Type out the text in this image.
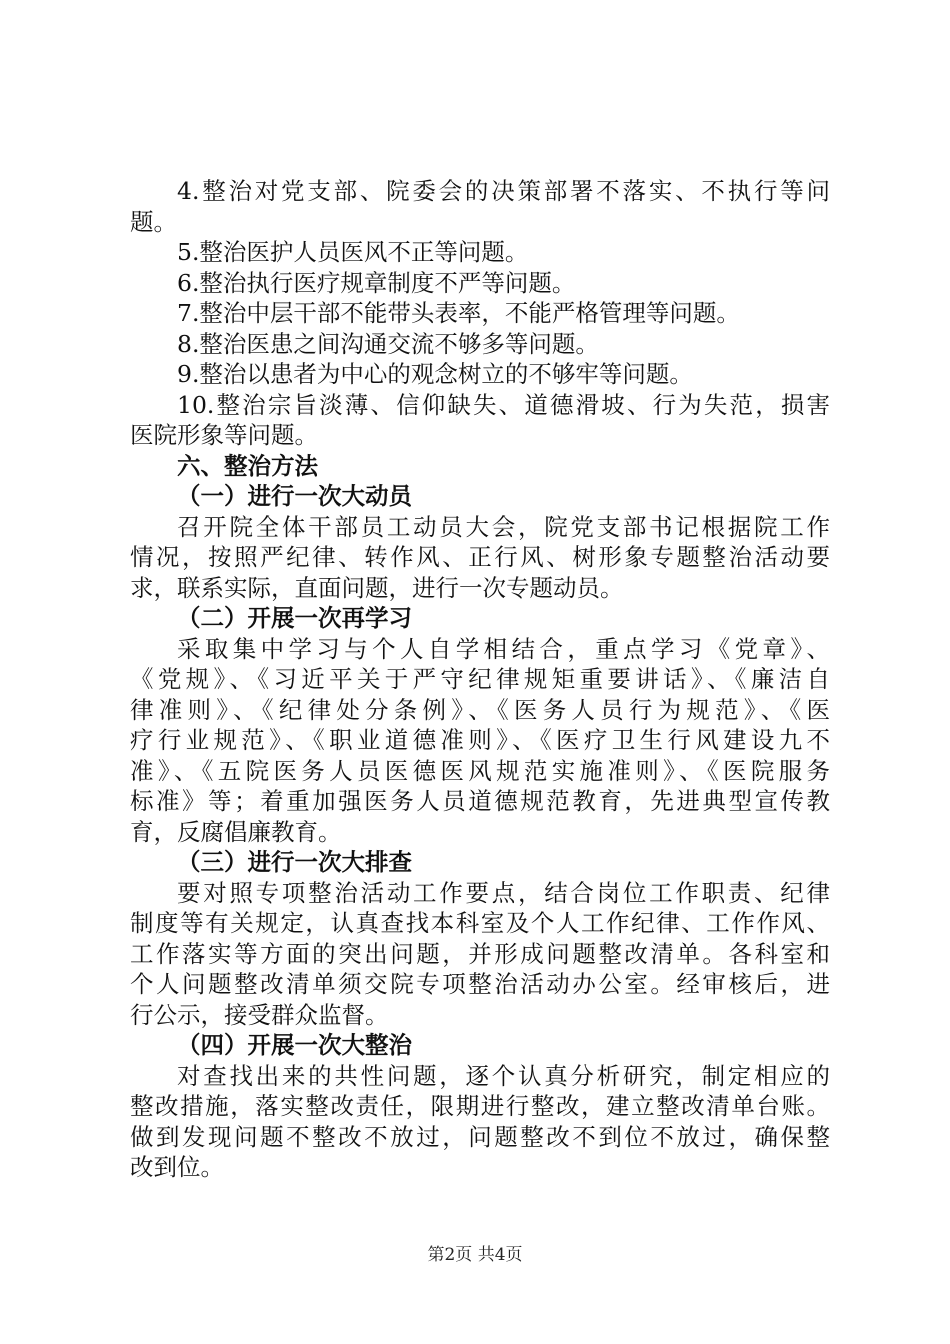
4.整治对党支部、院委会的决策部署不落实、不执行等问
题。
5.整治医护人员医风不正等问题。
6.整治执行医疗规章制度不严等问题。
7.整治中层干部不能带头表率，不能严格管理等问题。
8.整治医患之间沟通交流不够多等问题。
9.整治以患者为中心的观念树立的不够牢等问题。
10.整治宗旨淡薄、信仰缺失、道德滑坡、行为失范，损害
医院形象等问题。
六、整治方法
（一）进行一次大动员
召开院全体干部员工动员大会，院党支部书记根据院工作
情况，按照严纪律、转作风、正行风、树形象专题整治活动要
求，联系实际，直面问题，进行一次专题动员。
（二）开展一次再学习
采取集中学习与个人自学相结合，重点学习《党章》、
《党规》、《习近平关于严守纪律规矩重要讲话》、《廉洁自
律准则》、《纪律处分条例》、《医务人员行为规范》、《医
疗行业规范》、《职业道德准则》、《医疗卫生行风建设九不
准》、《五院医务人员医德医风规范实施准则》、《医院服务
标准》等；着重加强医务人员道德规范教育，先进典型宣传教
育，反腐倡廉教育。
（三）进行一次大排查
要对照专项整治活动工作要点，结合岗位工作职责、纪律
制度等有关规定，认真查找本科室及个人工作纪律、工作作风、
工作落实等方面的突出问题，并形成问题整改清单。各科室和
个人问题整改清单须交院专项整治活动办公室。经审核后，进
行公示，接受群众监督。
（四）开展一次大整治
对查找出来的共性问题，逐个认真分析研究，制定相应的
整改措施，落实整改责任，限期进行整改，建立整改清单台账。
做到发现问题不整改不放过，问题整改不到位不放过，确保整
改到位。
第2页 共4页
